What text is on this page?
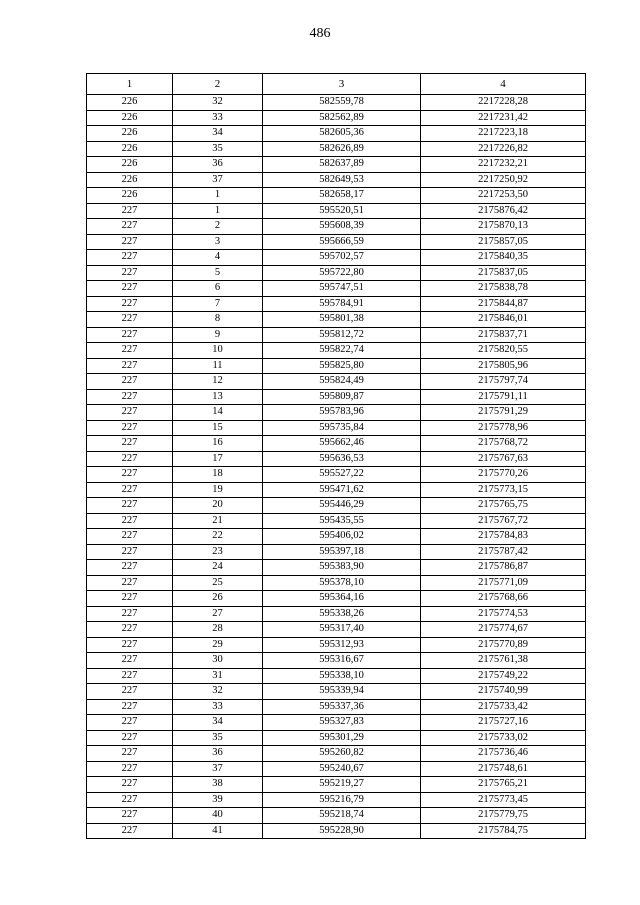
486
1	2	3	4
226	32	582559,78	2217228,28
226	33	582562,89	2217231,42
226	34	582605,36	2217223,18
226	35	582626,89	2217226,82
226	36	582637,89	2217232,21
226	37	582649,53	2217250,92
226	1	582658,17	2217253,50
227	1	595520,51	2175876,42
227	2	595608,39	2175870,13
227	3	595666,59	2175857,05
227	4	595702,57	2175840,35
227	5	595722,80	2175837,05
227	6	595747,51	2175838,78
227	7	595784,91	2175844,87
227	8	595801,38	2175846,01
227	9	595812,72	2175837,71
227	10	595822,74	2175820,55
227	11	595825,80	2175805,96
227	12	595824,49	2175797,74
227	13	595809,87	2175791,11
227	14	595783,96	2175791,29
227	15	595735,84	2175778,96
227	16	595662,46	2175768,72
227	17	595636,53	2175767,63
227	18	595527,22	2175770,26
227	19	595471,62	2175773,15
227	20	595446,29	2175765,75
227	21	595435,55	2175767,72
227	22	595406,02	2175784,83
227	23	595397,18	2175787,42
227	24	595383,90	2175786,87
227	25	595378,10	2175771,09
227	26	595364,16	2175768,66
227	27	595338,26	2175774,53
227	28	595317,40	2175774,67
227	29	595312,93	2175770,89
227	30	595316,67	2175761,38
227	31	595338,10	2175749,22
227	32	595339,94	2175740,99
227	33	595337,36	2175733,42
227	34	595327,83	2175727,16
227	35	595301,29	2175733,02
227	36	595260,82	2175736,46
227	37	595240,67	2175748,61
227	38	595219,27	2175765,21
227	39	595216,79	2175773,45
227	40	595218,74	2175779,75
227	41	595228,90	2175784,75
